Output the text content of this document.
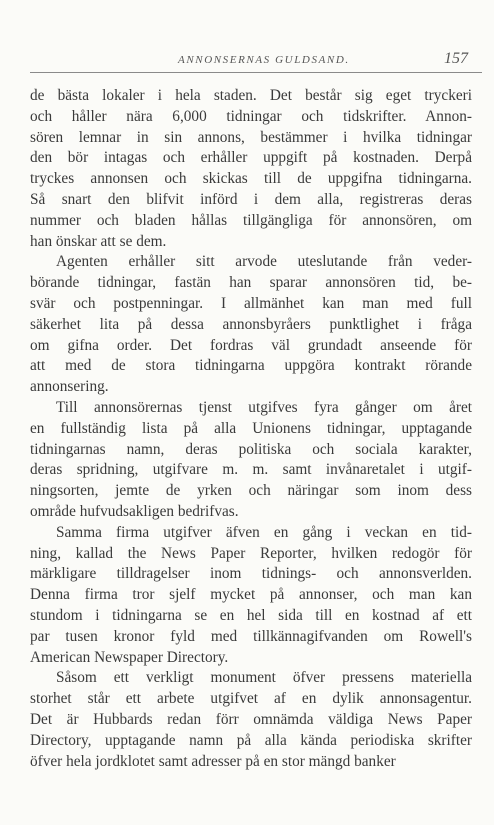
ANNONSERNAS GULDSAND.	157
de bästa lokaler i hela staden. Det består sig eget tryckeri
och håller nära 6,000 tidningar och tidskrifter. Annon-
sören lemnar in sin annons, bestämmer i hvilka tidningar
den bör intagas och erhåller uppgift på kostnaden. Derpå
tryckes annonsen och skickas till de uppgifna tidningarna.
Så snart den blifvit införd i dem alla, registreras deras
nummer och bladen hållas tillgängliga för annonsören, om
han önskar att se dem.
Agenten erhåller sitt arvode uteslutande från veder-
börande tidningar, fastän han sparar annonsören tid, be-
svär och postpenningar. I allmänhet kan man med full
säkerhet lita på dessa annonsbyråers punktlighet i fråga
om gifna order. Det fordras väl grundadt anseende för
att med de stora tidningarna uppgöra kontrakt rörande
annonsering.
Till annonsörernas tjenst utgifves fyra gånger om året
en fullständig lista på alla Unionens tidningar, upptagande
tidningarnas namn, deras politiska och sociala karakter,
deras spridning, utgifvare m. m. samt invånaretalet i utgif-
ningsorten, jemte de yrken och näringar som inom dess
område hufvudsakligen bedrifvas.
Samma firma utgifver äfven en gång i veckan en tid-
ning, kallad the News Paper Reporter, hvilken redogör för
märkligare tilldragelser inom tidnings- och annonsverlden.
Denna firma tror sjelf mycket på annonser, och man kan
stundom i tidningarna se en hel sida till en kostnad af ett
par tusen kronor fyld med tillkännagifvanden om Rowell's
American Newspaper Directory.
Såsom ett verkligt monument öfver pressens materiella
storhet står ett arbete utgifvet af en dylik annonsagentur.
Det är Hubbards redan förr omnämda väldiga News Paper
Directory, upptagande namn på alla kända periodiska skrifter
öfver hela jordklotet samt adresser på en stor mängd banker
